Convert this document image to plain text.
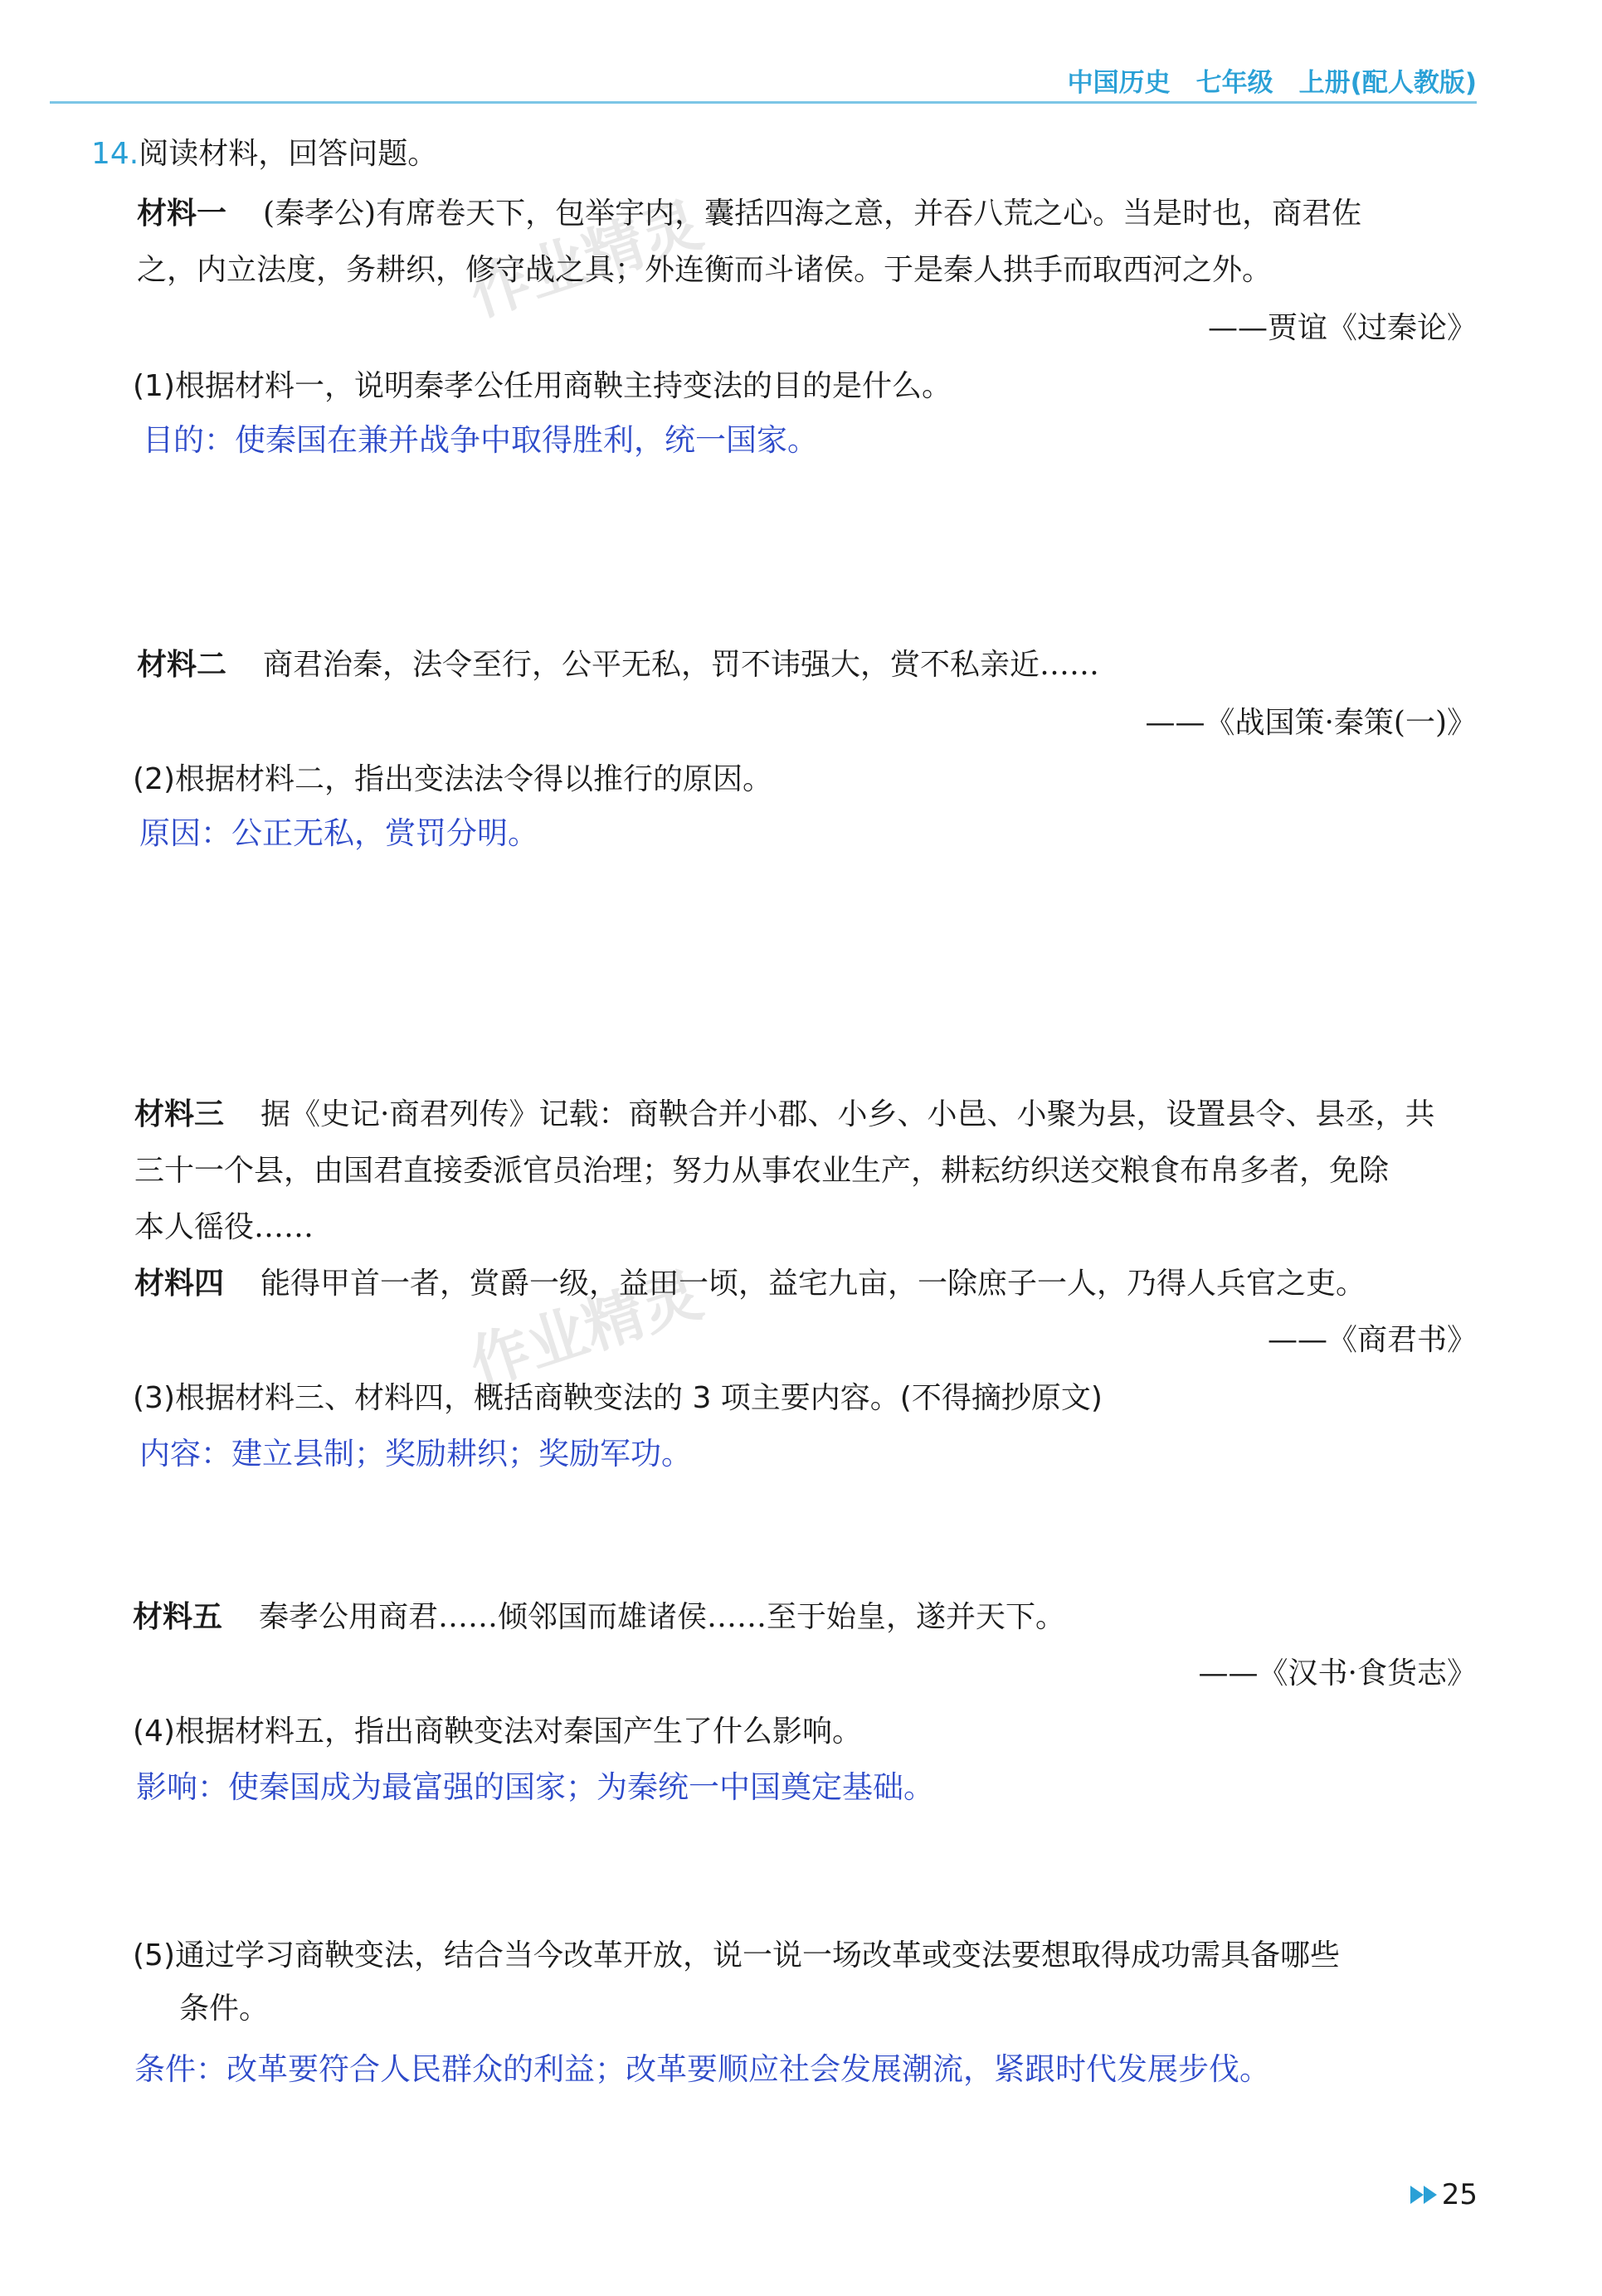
中国历史　七年级　上册(配人教版)
作业精灵
作业精灵
14.阅读材料，回答问题。
材料一 (秦孝公)有席卷天下，包举宇内，囊括四海之意，并吞八荒之心。当是时也，商君佐
之，内立法度，务耕织，修守战之具；外连衡而斗诸侯。于是秦人拱手而取西河之外。
——贾谊《过秦论》
(1)根据材料一，说明秦孝公任用商鞅主持变法的目的是什么。
目的：使秦国在兼并战争中取得胜利，统一国家。
材料二 商君治秦，法令至行，公平无私，罚不讳强大，赏不私亲近……
——《战国策·秦策(一)》
(2)根据材料二，指出变法法令得以推行的原因。
原因：公正无私，赏罚分明。
材料三 据《史记·商君列传》记载：商鞅合并小郡、小乡、小邑、小聚为县，设置县令、县丞，共
三十一个县，由国君直接委派官员治理；努力从事农业生产，耕耘纺织送交粮食布帛多者，免除
本人徭役……
材料四 能得甲首一者，赏爵一级，益田一顷，益宅九亩，一除庶子一人，乃得人兵官之吏。
——《商君书》
(3)根据材料三、材料四，概括商鞅变法的 3 项主要内容。(不得摘抄原文)
内容：建立县制；奖励耕织；奖励军功。
材料五 秦孝公用商君……倾邻国而雄诸侯……至于始皇，遂并天下。
——《汉书·食货志》
(4)根据材料五，指出商鞅变法对秦国产生了什么影响。
影响：使秦国成为最富强的国家；为秦统一中国奠定基础。
(5)通过学习商鞅变法，结合当今改革开放，说一说一场改革或变法要想取得成功需具备哪些
条件。
条件：改革要符合人民群众的利益；改革要顺应社会发展潮流，紧跟时代发展步伐。
25
